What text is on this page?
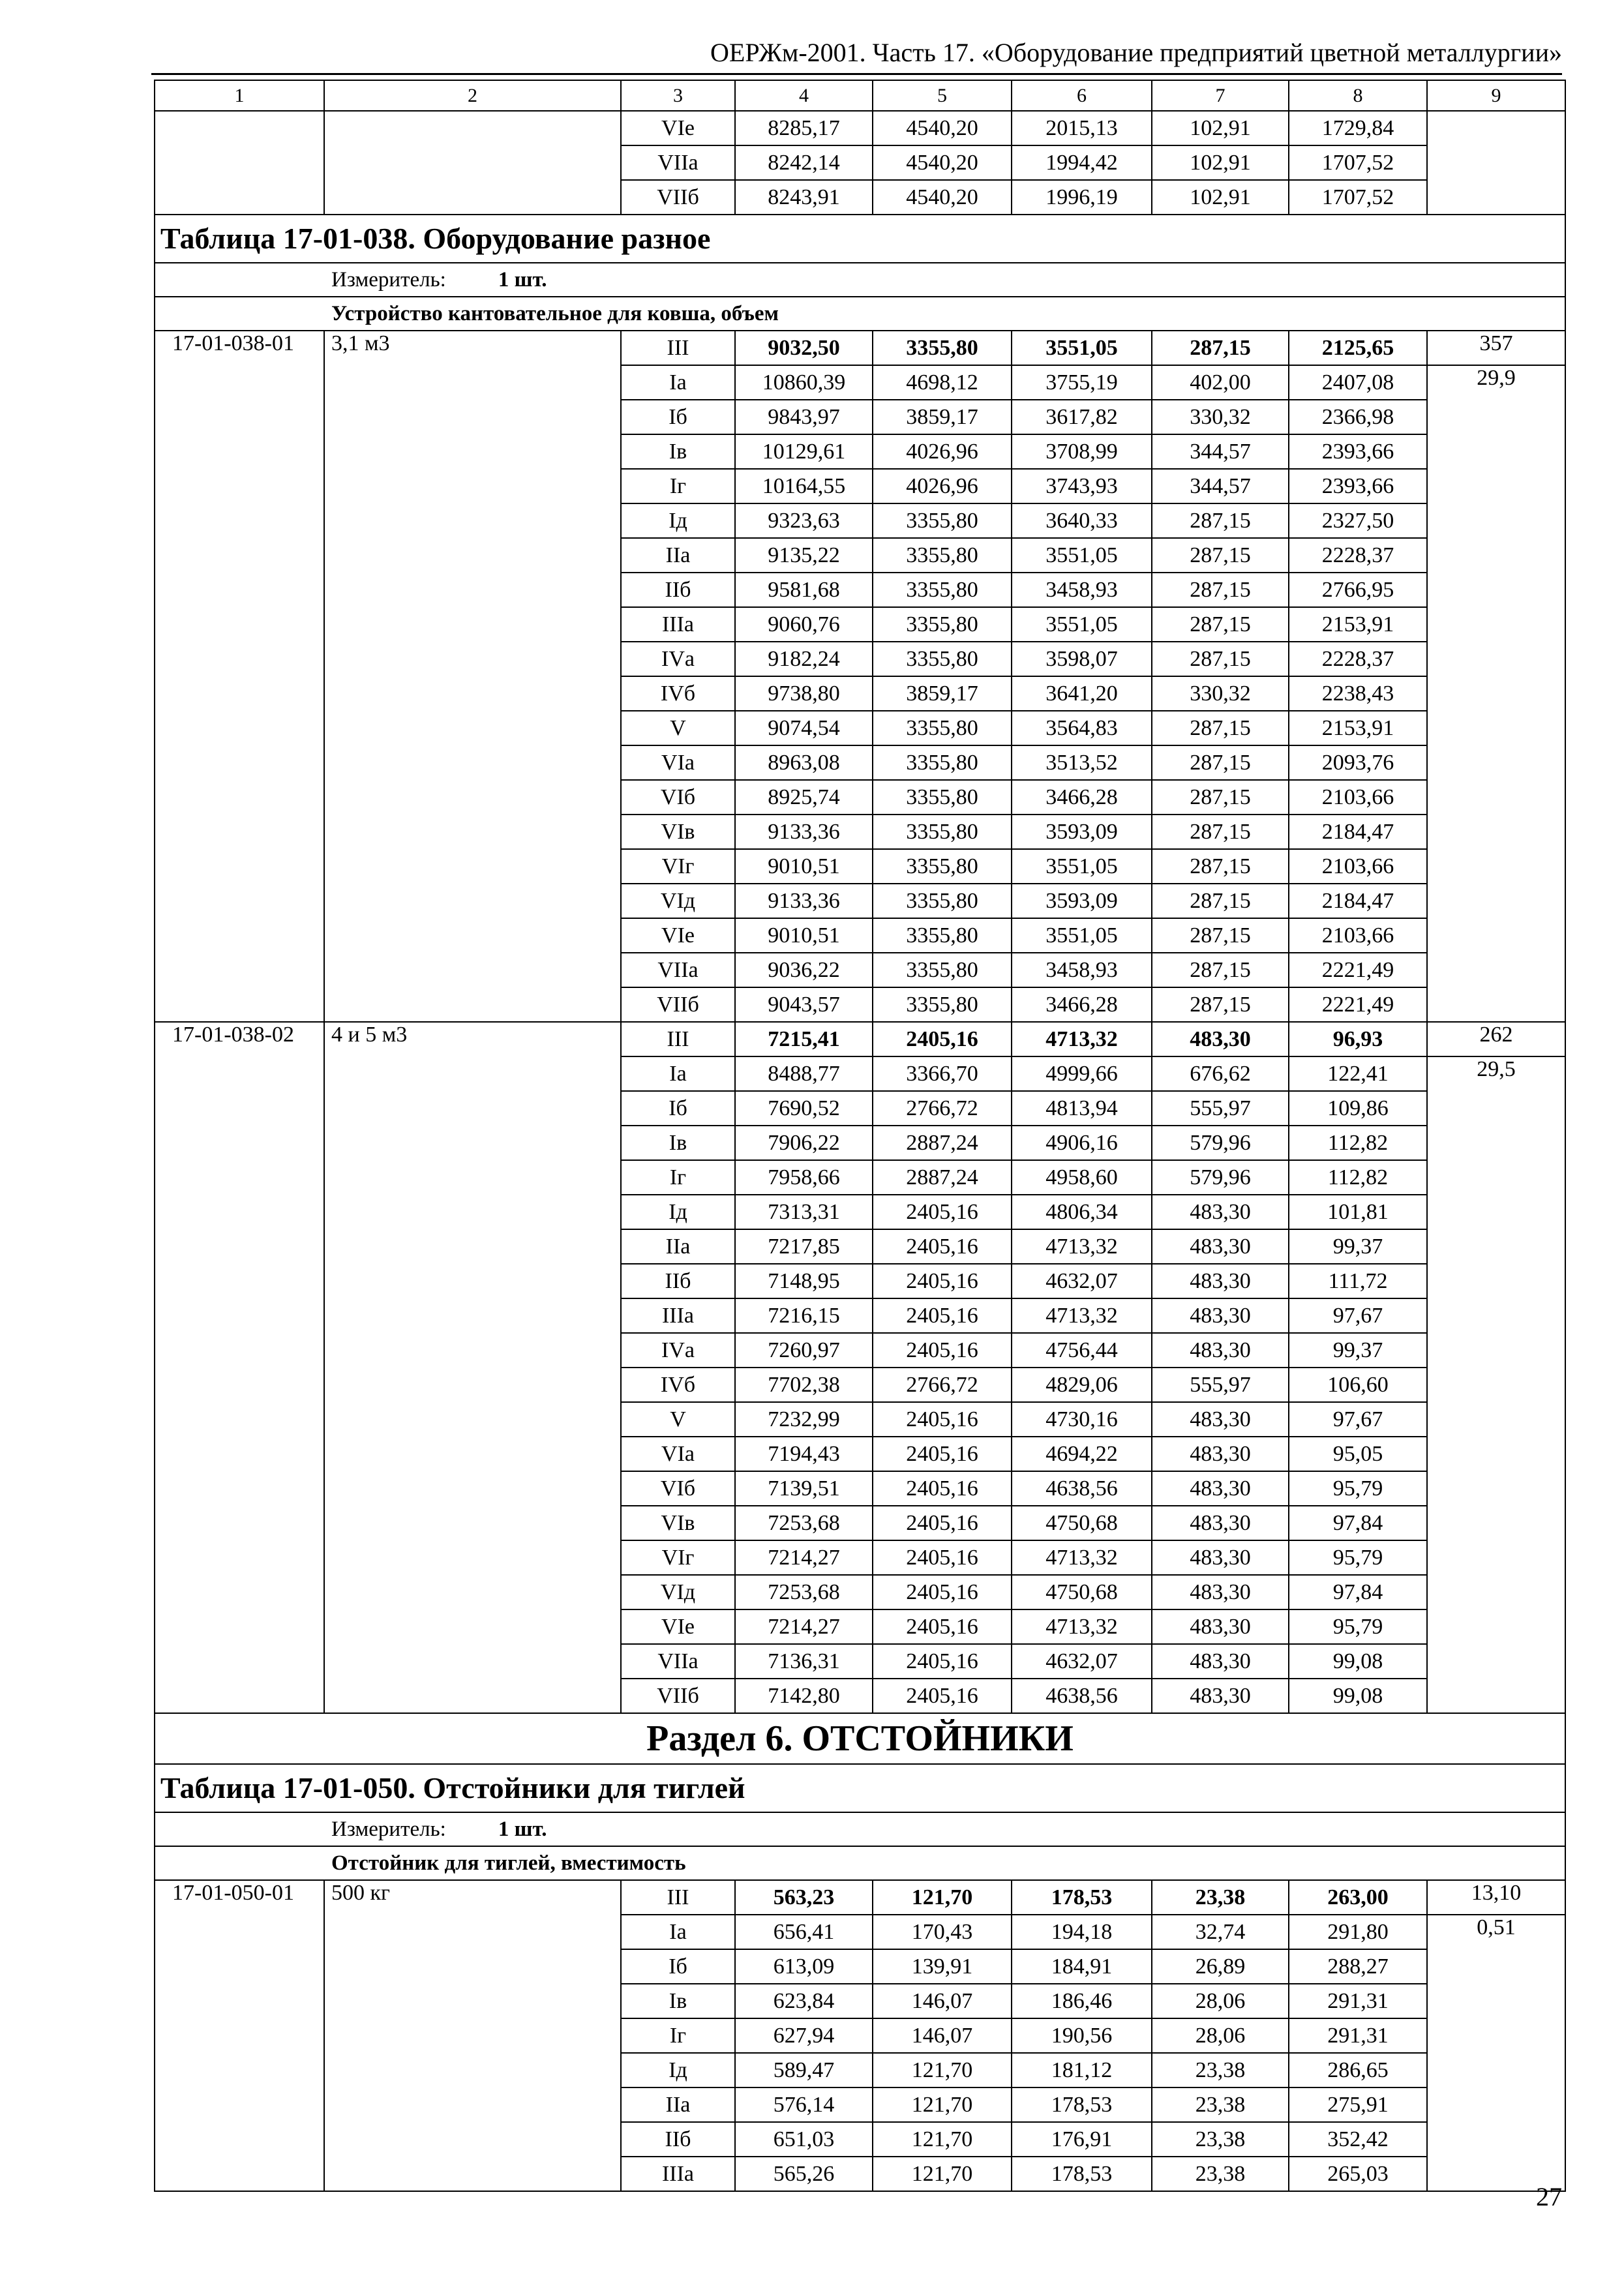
ОЕРЖм-2001. Часть 17. «Оборудование предприятий цветной металлургии»
1	2	3	4	5	6	7	8	9
		VIе	8285,17	4540,20	2015,13	102,91	1729,84	
		VIIа	8242,14	4540,20	1994,42	102,91	1707,52	
		VIIб	8243,91	4540,20	1996,19	102,91	1707,52	
Таблица 17-01-038. Оборудование разное								
Измеритель: 1 шт.								
Устройство кантовательное для ковша, объем								
17-01-038-01	3,1 м3	III	9032,50	3355,80	3551,05	287,15	2125,65	357
		Iа	10860,39	4698,12	3755,19	402,00	2407,08	29,9
		Iб	9843,97	3859,17	3617,82	330,32	2366,98	
		Iв	10129,61	4026,96	3708,99	344,57	2393,66	
		Iг	10164,55	4026,96	3743,93	344,57	2393,66	
		Iд	9323,63	3355,80	3640,33	287,15	2327,50	
		IIа	9135,22	3355,80	3551,05	287,15	2228,37	
		IIб	9581,68	3355,80	3458,93	287,15	2766,95	
		IIIа	9060,76	3355,80	3551,05	287,15	2153,91	
		IVа	9182,24	3355,80	3598,07	287,15	2228,37	
		IVб	9738,80	3859,17	3641,20	330,32	2238,43	
		V	9074,54	3355,80	3564,83	287,15	2153,91	
		VIа	8963,08	3355,80	3513,52	287,15	2093,76	
		VIб	8925,74	3355,80	3466,28	287,15	2103,66	
		VIв	9133,36	3355,80	3593,09	287,15	2184,47	
		VIг	9010,51	3355,80	3551,05	287,15	2103,66	
		VIд	9133,36	3355,80	3593,09	287,15	2184,47	
		VIе	9010,51	3355,80	3551,05	287,15	2103,66	
		VIIа	9036,22	3355,80	3458,93	287,15	2221,49	
		VIIб	9043,57	3355,80	3466,28	287,15	2221,49	
17-01-038-02	4 и 5 м3	III	7215,41	2405,16	4713,32	483,30	96,93	262
		Iа	8488,77	3366,70	4999,66	676,62	122,41	29,5
		Iб	7690,52	2766,72	4813,94	555,97	109,86	
		Iв	7906,22	2887,24	4906,16	579,96	112,82	
		Iг	7958,66	2887,24	4958,60	579,96	112,82	
		Iд	7313,31	2405,16	4806,34	483,30	101,81	
		IIа	7217,85	2405,16	4713,32	483,30	99,37	
		IIб	7148,95	2405,16	4632,07	483,30	111,72	
		IIIа	7216,15	2405,16	4713,32	483,30	97,67	
		IVа	7260,97	2405,16	4756,44	483,30	99,37	
		IVб	7702,38	2766,72	4829,06	555,97	106,60	
		V	7232,99	2405,16	4730,16	483,30	97,67	
		VIа	7194,43	2405,16	4694,22	483,30	95,05	
		VIб	7139,51	2405,16	4638,56	483,30	95,79	
		VIв	7253,68	2405,16	4750,68	483,30	97,84	
		VIг	7214,27	2405,16	4713,32	483,30	95,79	
		VIд	7253,68	2405,16	4750,68	483,30	97,84	
		VIе	7214,27	2405,16	4713,32	483,30	95,79	
		VIIа	7136,31	2405,16	4632,07	483,30	99,08	
		VIIб	7142,80	2405,16	4638,56	483,30	99,08	
Раздел 6. ОТСТОЙНИКИ								
Таблица 17-01-050. Отстойники для тиглей								
Измеритель: 1 шт.								
Отстойник для тиглей, вместимость								
17-01-050-01	500 кг	III	563,23	121,70	178,53	23,38	263,00	13,10
		Iа	656,41	170,43	194,18	32,74	291,80	0,51
		Iб	613,09	139,91	184,91	26,89	288,27	
		Iв	623,84	146,07	186,46	28,06	291,31	
		Iг	627,94	146,07	190,56	28,06	291,31	
		Iд	589,47	121,70	181,12	23,38	286,65	
		IIа	576,14	121,70	178,53	23,38	275,91	
		IIб	651,03	121,70	176,91	23,38	352,42	
		IIIа	565,26	121,70	178,53	23,38	265,03	
27
